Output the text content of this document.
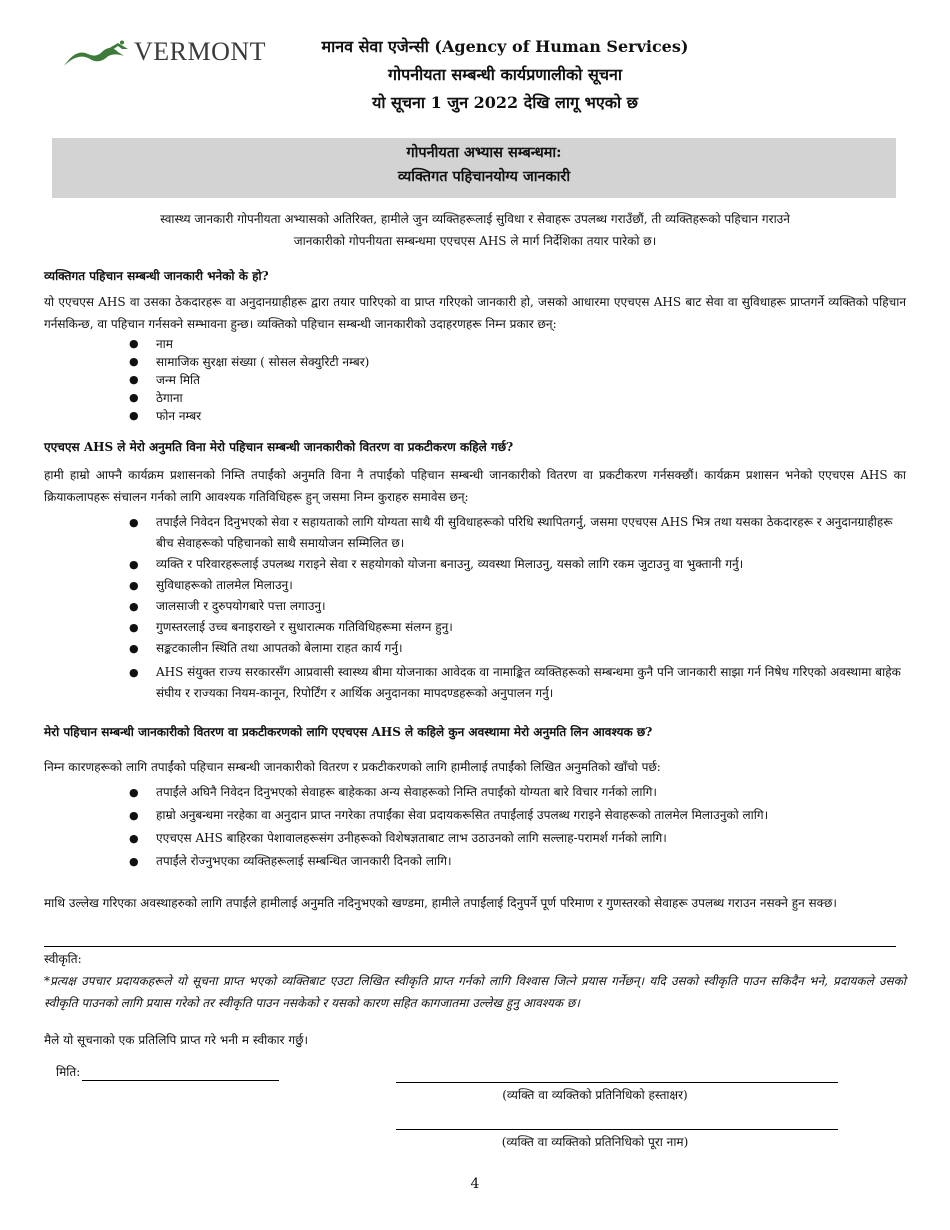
VERMONT	मानव सेवा एजेन्सी (Agency of Human Services)
गोपनीयता सम्बन्धी कार्यप्रणालीको सूचना
यो सूचना 1 जुन 2022 देखि लागू भएको छ
गोपनीयता अभ्यास सम्बन्धमा:
व्यक्तिगत पहिचानयोग्य जानकारी
स्वास्थ्य जानकारी गोपनीयता अभ्यासको अतिरिक्त, हामीले जुन व्यक्तिहरूलाई सुविधा र सेवाहरू उपलब्ध गराउँछौं, ती व्यक्तिहरूको पहिचान गराउने
जानकारीको गोपनीयता सम्बन्धमा एएचएस AHS ले मार्ग निर्देशिका तयार पारेको छ।
व्यक्तिगत पहिचान सम्बन्धी जानकारी भनेको के हो?
यो एएचएस AHS वा उसका ठेकदारहरू वा अनुदानग्राहीहरू द्वारा तयार पारिएको वा प्राप्त गरिएको जानकारी हो, जसको आधारमा एएचएस AHS बाट सेवा वा सुविधाहरू प्राप्तगर्ने व्यक्तिको पहिचान गर्नसकिन्छ, वा पहिचान गर्नसक्ने सम्भावना हुन्छ। व्यक्तिको पहिचान सम्बन्धी जानकारीको उदाहरणहरू निम्न प्रकार छन्:
● नाम
● सामाजिक सुरक्षा संख्या ( सोसल सेक्युरिटी नम्बर)
● जन्म मिति
● ठेगाना
● फोन नम्बर
एएचएस AHS ले मेरो अनुमति विना मेरो पहिचान सम्बन्धी जानकारीको वितरण वा प्रकटीकरण कहिले गर्छ?
हामी हाम्रो आफ्नै कार्यक्रम प्रशासनको निम्ति तपाईंको अनुमति विना नै तपाईंको पहिचान सम्बन्धी जानकारीको वितरण वा प्रकटीकरण गर्नसक्छौं। कार्यक्रम प्रशासन भनेको एएचएस AHS का क्रियाकलापहरू संचालन गर्नको लागि आवश्यक गतिविधिहरू हुन् जसमा निम्न कुराहरु समावेस छन्:
● तपाईंले निवेदन दिनुभएको सेवा र सहायताको लागि योग्यता साथै यी सुविधाहरूको परिधि स्थापितगर्नु, जसमा एएचएस AHS भित्र तथा यसका ठेकदारहरू र अनुदानग्राहीहरू बीच सेवाहरूको पहिचानको साथै समायोजन सम्मिलित छ।
● व्यक्ति र परिवारहरूलाई उपलब्ध गराइने सेवा र सहयोगको योजना बनाउनु, व्यवस्था मिलाउनु, यसको लागि रकम जुटाउनु वा भुक्तानी गर्नु।
● सुविधाहरूको तालमेल मिलाउनु।
● जालसाजी र दुरुपयोगबारे पत्ता लगाउनु।
● गुणस्तरलाई उच्च बनाइराख्ने र सुधारात्मक गतिविधिहरूमा संलग्न हुनु।
● सङ्कटकालीन स्थिति तथा आपतको बेलामा राहत कार्य गर्नु।
● AHS संयुक्त राज्य सरकारसँग आप्रवासी स्वास्थ्य बीमा योजनाका आवेदक वा नामाङ्कित व्यक्तिहरूको सम्बन्धमा कुनै पनि जानकारी साझा गर्न निषेध गरिएको अवस्थामा बाहेक संघीय र राज्यका नियम-कानून, रिपोर्टिंग र आर्थिक अनुदानका मापदण्डहरूको अनुपालन गर्नु।
मेरो पहिचान सम्बन्धी जानकारीको वितरण वा प्रकटीकरणको लागि एएचएस AHS ले कहिले कुन अवस्थामा मेरो अनुमति लिन आवश्यक छ?
निम्न कारणहरूको लागि तपाईंको पहिचान सम्बन्धी जानकारीको वितरण र प्रकटीकरणको लागि हामीलाई तपाईंको लिखित अनुमतिको खाँचो पर्छ:
● तपाईंले अघिनै निवेदन दिनुभएको सेवाहरू बाहेकका अन्य सेवाहरूको निम्ति तपाईंको योग्यता बारे विचार गर्नको लागि।
● हाम्रो अनुबन्धमा नरहेका वा अनुदान प्राप्त नगरेका तपाईंका सेवा प्रदायकरूसित तपाईंलाई उपलब्ध गराइने सेवाहरूको तालमेल मिलाउनुको लागि।
● एएचएस AHS बाहिरका पेशावालहरूसंग उनीहरूको विशेषज्ञताबाट लाभ उठाउनको लागि सल्लाह-परामर्श गर्नको लागि।
● तपाईंले रोज्नुभएका व्यक्तिहरूलाई सम्बन्धित जानकारी दिनको लागि।
माथि उल्लेख गरिएका अवस्थाहरुको लागि तपाईंले हामीलाई अनुमति नदिनुभएको खण्डमा, हामीले तपाईंलाई दिनुपर्ने पूर्ण परिमाण र गुणस्तरको सेवाहरू उपलब्ध गराउन नसक्ने हुन सक्छ।
स्वीकृति:
*प्रत्यक्ष उपचार प्रदायकहरूले यो सूचना प्राप्त भएको व्यक्तिबाट एउटा लिखित स्वीकृति प्राप्त गर्नको लागि विश्वास जित्ने प्रयास गर्नेछन्। यदि उसको स्वीकृति पाउन सकिदैन भने, प्रदायकले उसको स्वीकृति पाउनको लागि प्रयास गरेको तर स्वीकृति पाउन नसकेको र यसको कारण सहित कागजातमा उल्लेख हुनु आवश्यक छ।
मैले यो सूचनाको एक प्रतिलिपि प्राप्त गरे भनी म स्वीकार गर्छु।
मिति:
(व्यक्ति वा व्यक्तिको प्रतिनिधिको हस्ताक्षर)
(व्यक्ति वा व्यक्तिको प्रतिनिधिको पूरा नाम)
4
